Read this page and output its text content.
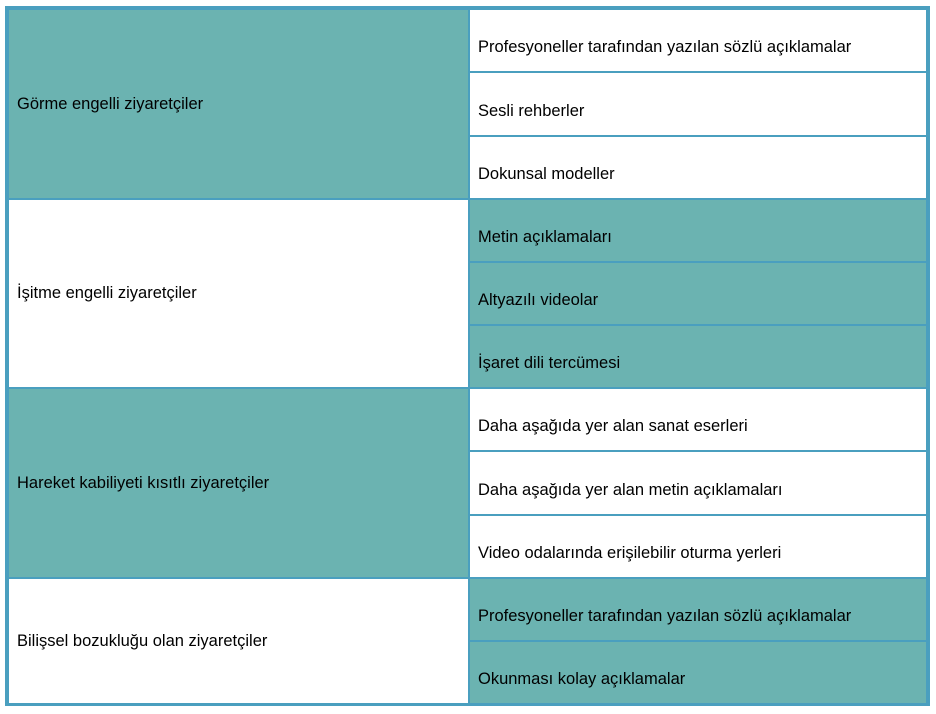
Görme engelli ziyaretçiler	Profesyoneller tarafından yazılan sözlü açıklamalar
	Sesli rehberler
	Dokunsal modeller
İşitme engelli ziyaretçiler	Metin açıklamaları
	Altyazılı videolar
	İşaret dili tercümesi
Hareket kabiliyeti kısıtlı ziyaretçiler	Daha aşağıda yer alan sanat eserleri
	Daha aşağıda yer alan metin açıklamaları
	Video odalarında erişilebilir oturma yerleri
Bilişsel bozukluğu olan ziyaretçiler	Profesyoneller tarafından yazılan sözlü açıklamalar
	Okunması kolay açıklamalar
